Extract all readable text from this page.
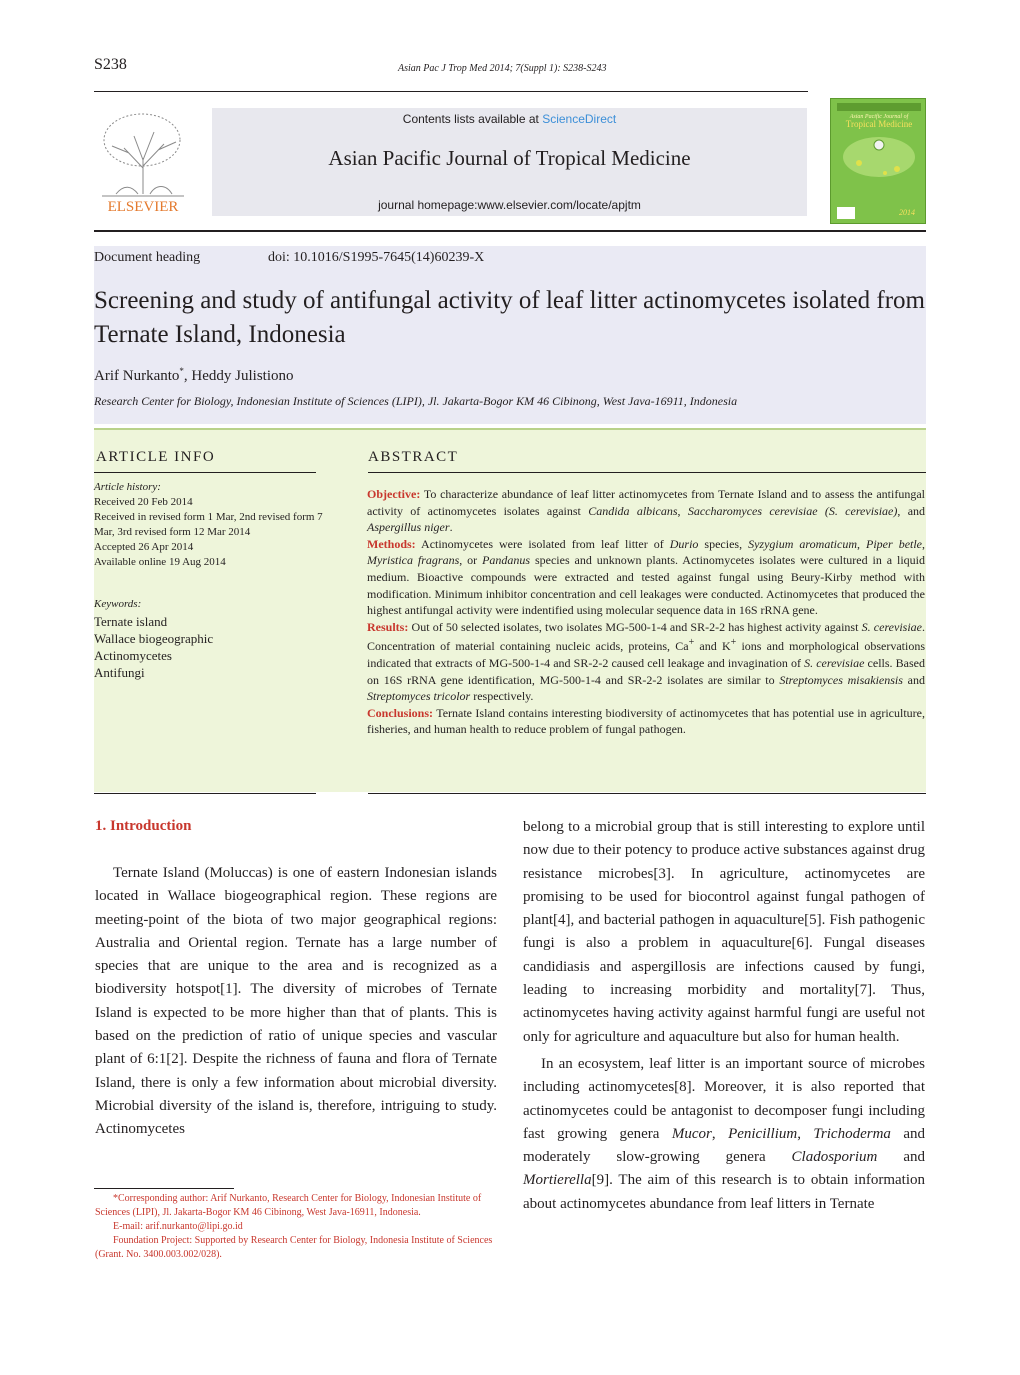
S238	Asian Pac J Trop Med 2014; 7(Suppl 1): S238-S243
ELSEVIER
Contents lists available at ScienceDirect
Asian Pacific Journal of Tropical Medicine
journal homepage:www.elsevier.com/locate/apjtm
Asian Pacific Journal of
Tropical Medicine
2014
Document heading	doi: 10.1016/S1995-7645(14)60239-X
Screening and study of antifungal activity of leaf litter actinomycetes isolated from Ternate Island, Indonesia
Arif Nurkanto*, Heddy Julistiono
Research Center for Biology, Indonesian Institute of Sciences (LIPI), Jl. Jakarta-Bogor KM 46 Cibinong, West Java-16911, Indonesia
ARTICLE INFO
Article history:
Received 20 Feb 2014
Received in revised form 1 Mar, 2nd revised form 7 Mar, 3rd revised form 12 Mar 2014
Accepted 26 Apr 2014
Available online 19 Aug 2014
Keywords:
Ternate island
Wallace biogeographic
Actinomycetes
Antifungi
ABSTRACT
Objective: To characterize abundance of leaf litter actinomycetes from Ternate Island and to assess the antifungal activity of actinomycetes isolates against Candida albicans, Saccharomyces cerevisiae (S. cerevisiae), and Aspergillus niger.
Methods: Actinomycetes were isolated from leaf litter of Durio species, Syzygium aromaticum, Piper betle, Myristica fragrans, or Pandanus species and unknown plants. Actinomycetes isolates were cultured in a liquid medium. Bioactive compounds were extracted and tested against fungal using Beury-Kirby method with modification. Minimum inhibitor concentration and cell leakages were conducted. Actinomycetes that produced the highest antifungal activity were indentified using molecular sequence data in 16S rRNA gene.
Results: Out of 50 selected isolates, two isolates MG-500-1-4 and SR-2-2 has highest activity against S. cerevisiae. Concentration of material containing nucleic acids, proteins, Ca+ and K+ ions and morphological observations indicated that extracts of MG-500-1-4 and SR-2-2 caused cell leakage and invagination of S. cerevisiae cells. Based on 16S rRNA gene identification, MG-500-1-4 and SR-2-2 isolates are similar to Streptomyces misakiensis and Streptomyces tricolor respectively.
Conclusions: Ternate Island contains interesting biodiversity of actinomycetes that has potential use in agriculture, fisheries, and human health to reduce problem of fungal pathogen.
1. Introduction

Ternate Island (Moluccas) is one of eastern Indonesian islands located in Wallace biogeographical region. These regions are meeting-point of the biota of two major geographical regions: Australia and Oriental region. Ternate has a large number of species that are unique to the area and is recognized as a biodiversity hotspot[1]. The diversity of microbes of Ternate Island is expected to be more higher than that of plants. This is based on the prediction of ratio of unique species and vascular plant of 6:1[2]. Despite the richness of fauna and flora of Ternate Island, there is only a few information about microbial diversity. Microbial diversity of the island is, therefore, intriguing to study. Actinomycetes

belong to a microbial group that is still interesting to explore until now due to their potency to produce active substances against drug resistance microbes[3]. In agriculture, actinomycetes are promising to be used for biocontrol against fungal pathogen of plant[4], and bacterial pathogen in aquaculture[5]. Fish pathogenic fungi is also a problem in aquaculture[6]. Fungal diseases candidiasis and aspergillosis are infections caused by fungi, leading to increasing morbidity and mortality[7]. Thus, actinomycetes having activity against harmful fungi are useful not only for agriculture and aquaculture but also for human health.

In an ecosystem, leaf litter is an important source of microbes including actinomycetes[8]. Moreover, it is also reported that actinomycetes could be antagonist to decomposer fungi including fast growing genera Mucor, Penicillium, Trichoderma and moderately slow-growing genera Cladosporium and Mortierella[9]. The aim of this research is to obtain information about actinomycetes abundance from leaf litters in Ternate

*Corresponding author: Arif Nurkanto, Research Center for Biology, Indonesian Institute of Sciences (LIPI), Jl. Jakarta-Bogor KM 46 Cibinong, West Java-16911, Indonesia.

E-mail: arif.nurkanto@lipi.go.id

Foundation Project: Supported by Research Center for Biology, Indonesia Institute of Sciences (Grant. No. 3400.003.002/028).
